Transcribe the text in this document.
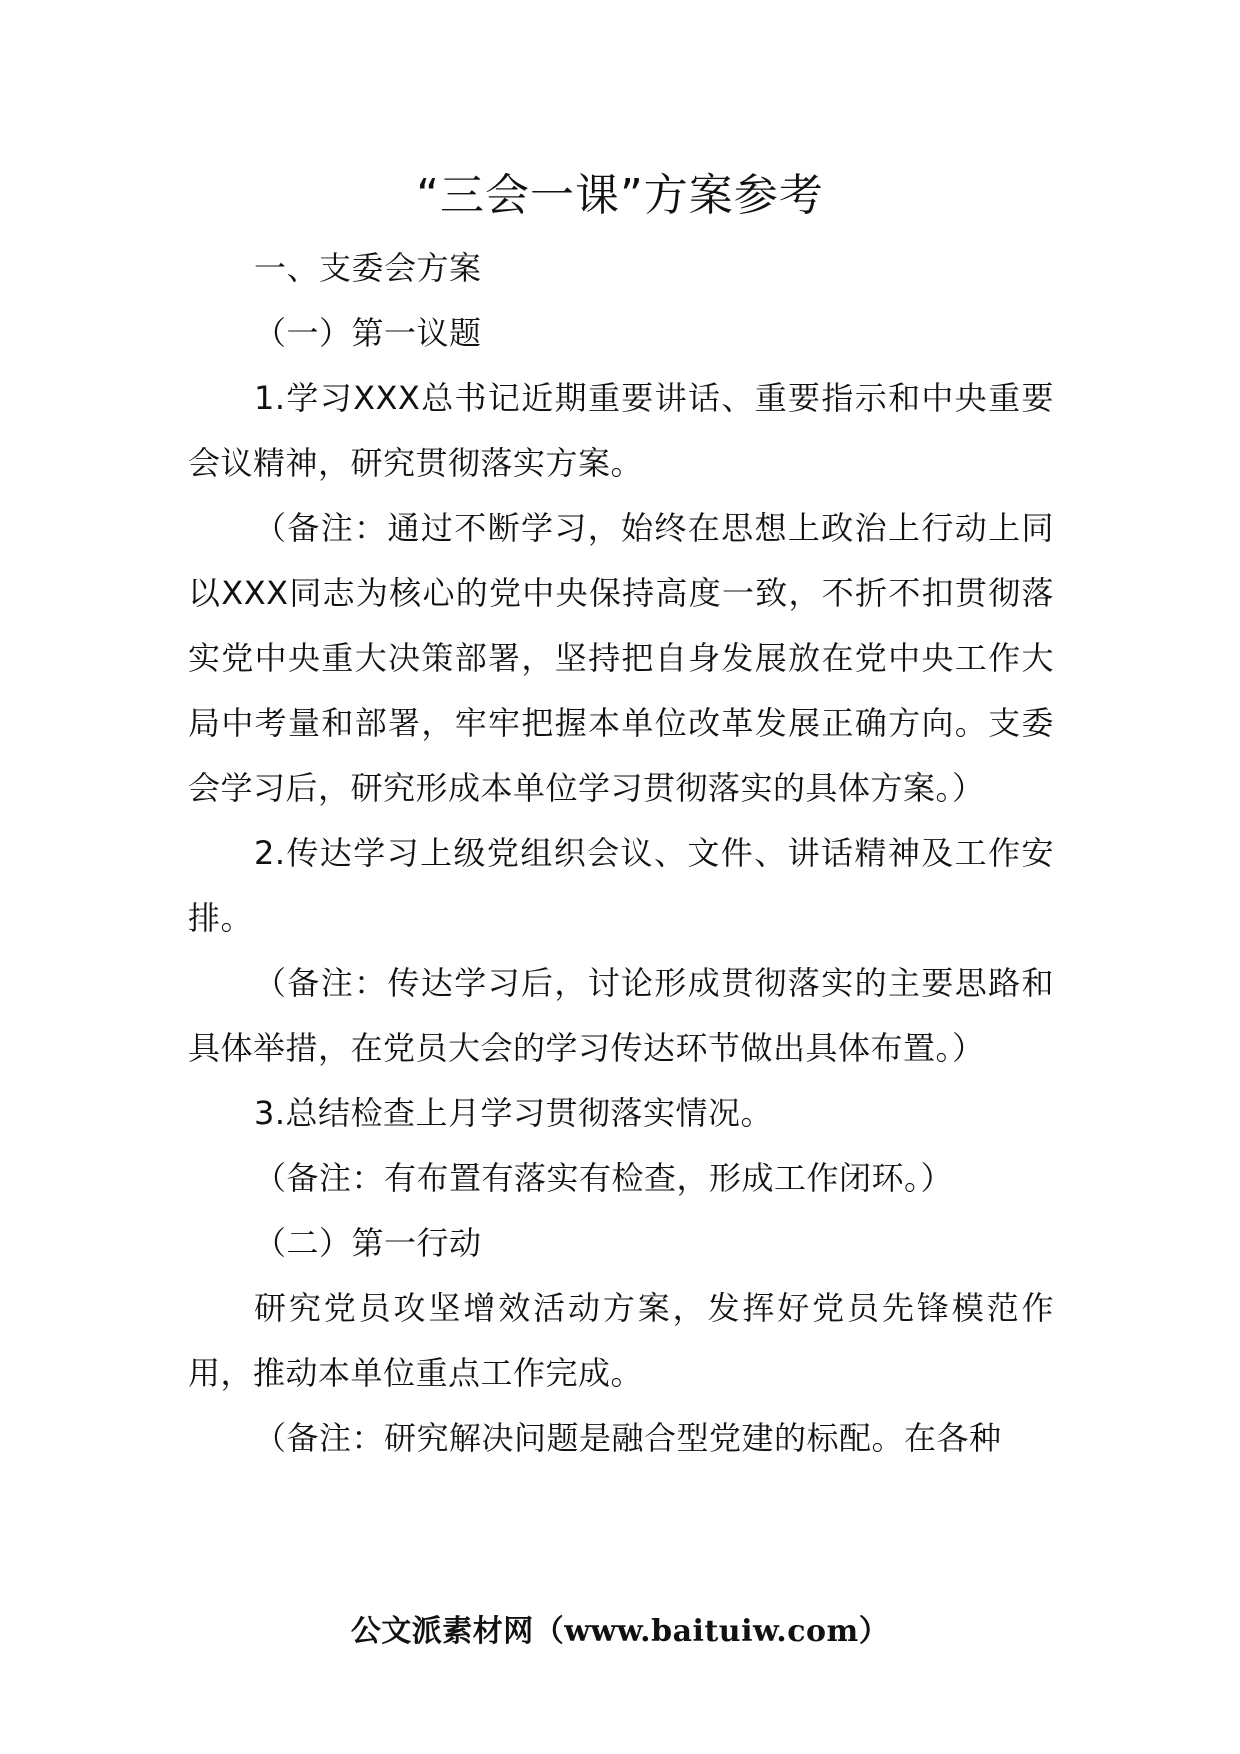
“三会一课”方案参考

一、支委会方案

（一）第一议题

1.学习XXX总书记近期重要讲话、重要指示和中央重要会议精神，研究贯彻落实方案。

（备注：通过不断学习，始终在思想上政治上行动上同以XXX同志为核心的党中央保持高度一致，不折不扣贯彻落实党中央重大决策部署，坚持把自身发展放在党中央工作大局中考量和部署，牢牢把握本单位改革发展正确方向。支委会学习后，研究形成本单位学习贯彻落实的具体方案。）

2.传达学习上级党组织会议、文件、讲话精神及工作安排。

（备注：传达学习后，讨论形成贯彻落实的主要思路和具体举措，在党员大会的学习传达环节做出具体布置。）

3.总结检查上月学习贯彻落实情况。

（备注：有布置有落实有检查，形成工作闭环。）

（二）第一行动

研究党员攻坚增效活动方案，发挥好党员先锋模范作用，推动本单位重点工作完成。

（备注：研究解决问题是融合型党建的标配。在各种

公文派素材网（www.baituiw.com）
